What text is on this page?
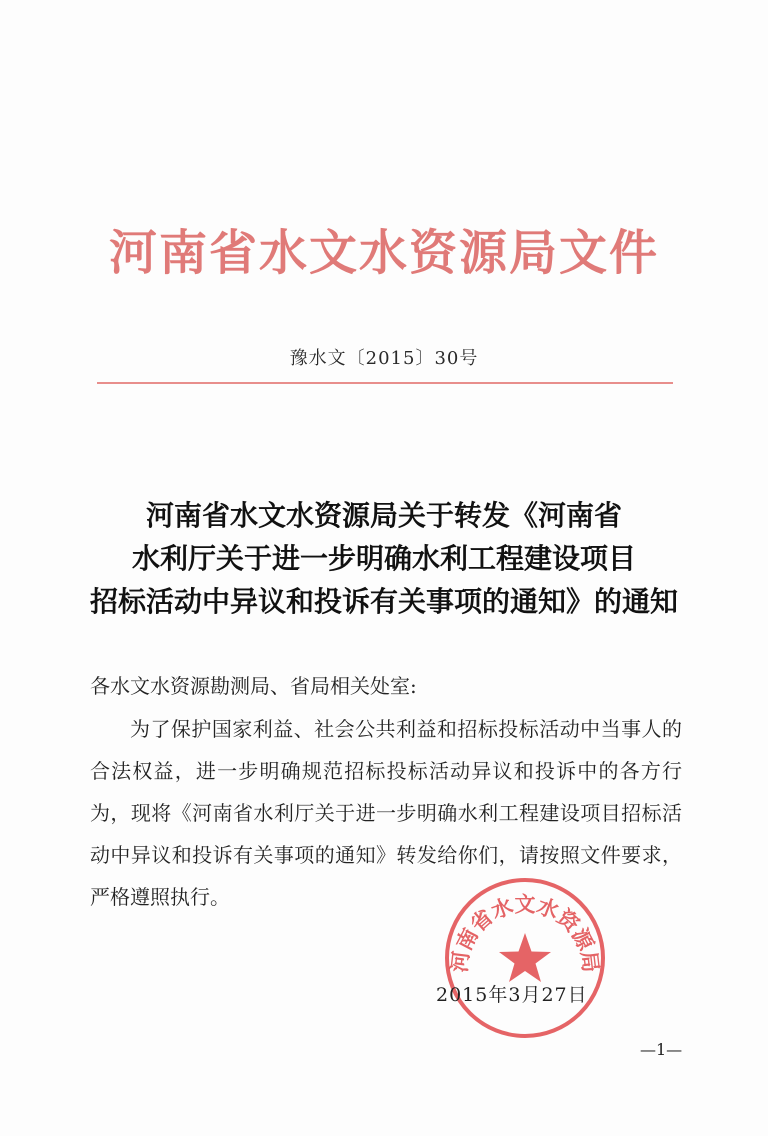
河南省水文水资源局文件
豫水文〔2015〕30号
河南省水文水资源局关于转发《河南省
水利厅关于进一步明确水利工程建设项目
招标活动中异议和投诉有关事项的通知》的通知
各水文水资源勘测局、省局相关处室:
为了保护国家利益、社会公共利益和招标投标活动中当事人的合法权益，进一步明确规范招标投标活动异议和投诉中的各方行为，现将《河南省水利厅关于进一步明确水利工程建设项目招标活动中异议和投诉有关事项的通知》转发给你们，请按照文件要求，严格遵照执行。
河南省水文水资源局
2015年3月27日
—1—
